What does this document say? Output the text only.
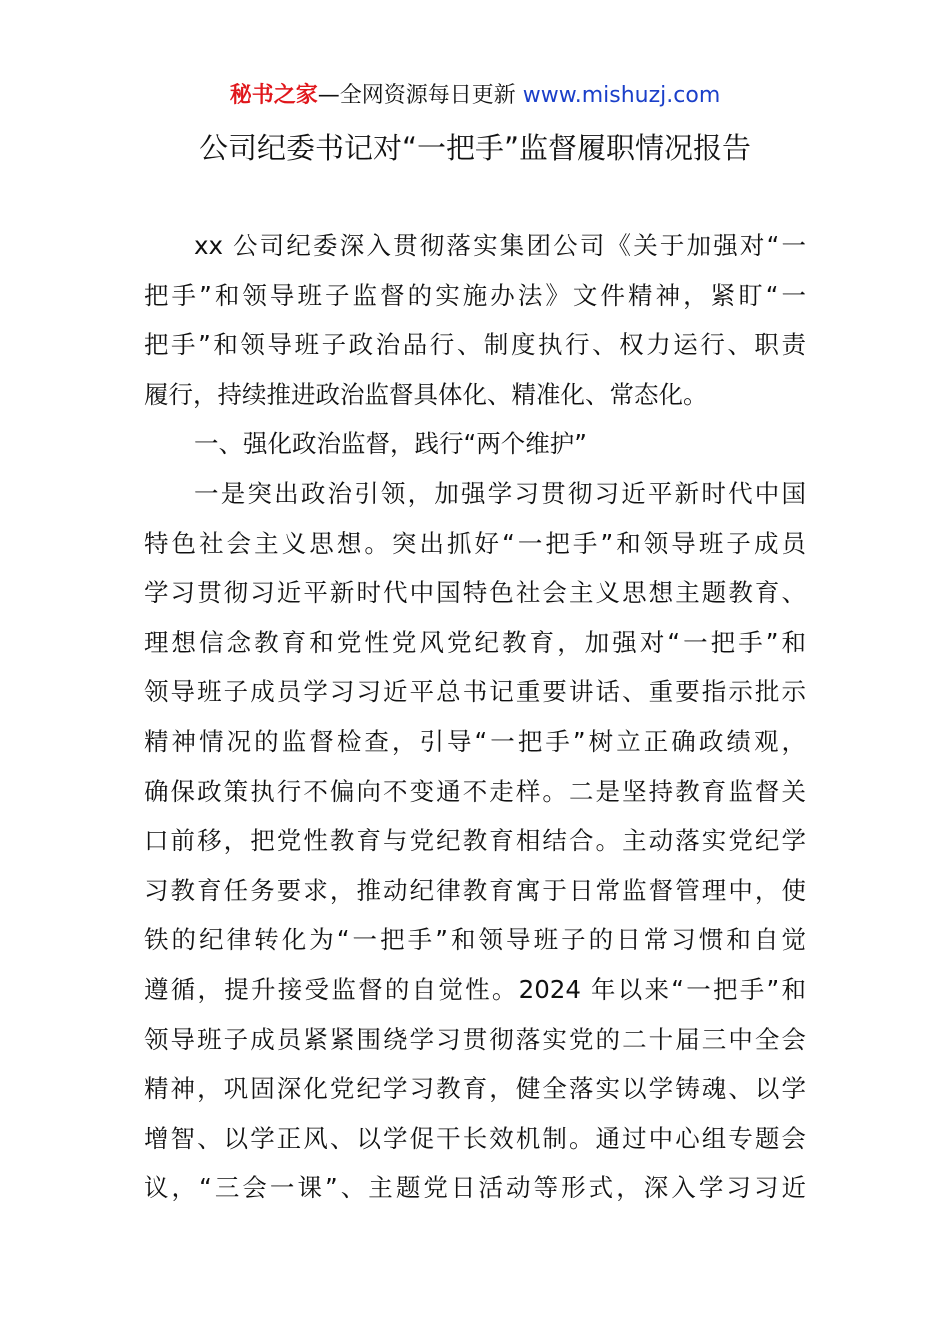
秘书之家—全网资源每日更新 www.mishuzj.com
公司纪委书记对“一把手”监督履职情况报告
xx 公司纪委深入贯彻落实集团公司《关于加强对“一
把手”和领导班子监督的实施办法》文件精神，紧盯“一
把手”和领导班子政治品行、制度执行、权力运行、职责
履行，持续推进政治监督具体化、精准化、常态化。
一、强化政治监督，践行“两个维护”
一是突出政治引领，加强学习贯彻习近平新时代中国
特色社会主义思想。突出抓好“一把手”和领导班子成员
学习贯彻习近平新时代中国特色社会主义思想主题教育、
理想信念教育和党性党风党纪教育，加强对“一把手”和
领导班子成员学习习近平总书记重要讲话、重要指示批示
精神情况的监督检查，引导“一把手”树立正确政绩观，
确保政策执行不偏向不变通不走样。二是坚持教育监督关
口前移，把党性教育与党纪教育相结合。主动落实党纪学
习教育任务要求，推动纪律教育寓于日常监督管理中，使
铁的纪律转化为“一把手”和领导班子的日常习惯和自觉
遵循，提升接受监督的自觉性。2024 年以来“一把手”和
领导班子成员紧紧围绕学习贯彻落实党的二十届三中全会
精神，巩固深化党纪学习教育，健全落实以学铸魂、以学
增智、以学正风、以学促干长效机制。通过中心组专题会
议，“三会一课”、主题党日活动等形式，深入学习习近
